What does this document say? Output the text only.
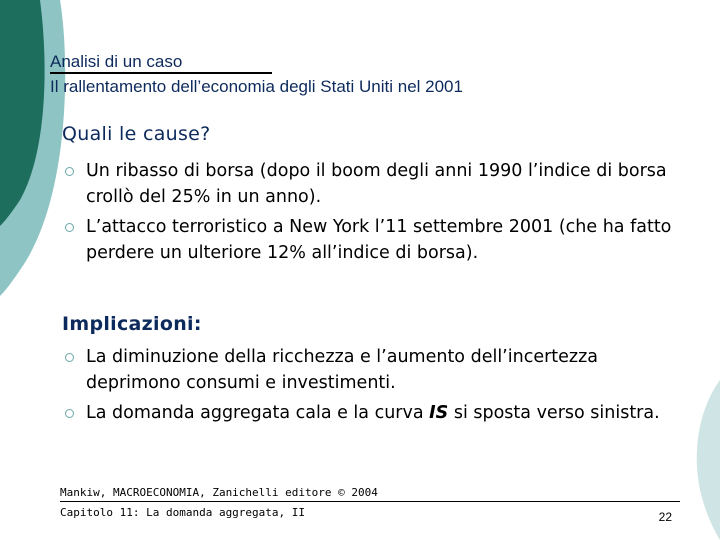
Analisi di un caso
Il rallentamento dell’economia degli Stati Uniti nel 2001
Quali le cause?
Un ribasso di borsa (dopo il boom degli anni 1990 l’indice di borsa crollò del 25% in un anno).
L’attacco terroristico a New York l’11 settembre 2001 (che ha fatto perdere un ulteriore 12% all’indice di borsa).
Implicazioni:
La diminuzione della ricchezza e l’aumento dell’incertezza deprimono consumi e investimenti.
La domanda aggregata cala e la curva IS si sposta verso sinistra.
Mankiw, MACROECONOMIA, Zanichelli editore © 2004
Capitolo 11: La domanda aggregata, II	22
